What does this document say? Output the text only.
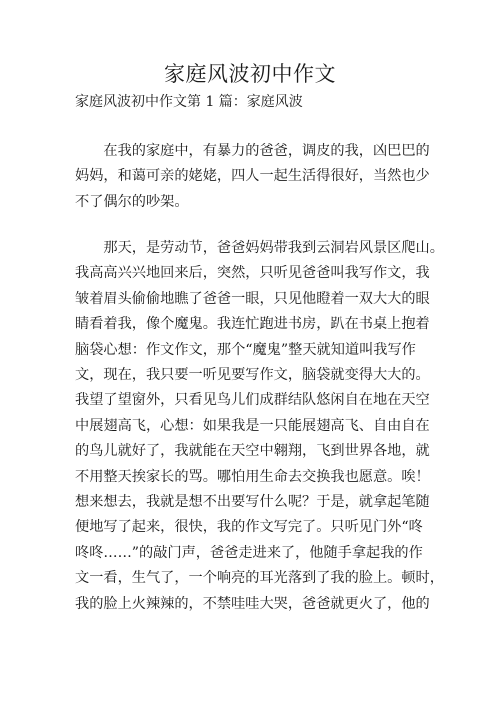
家庭风波初中作文
家庭风波初中作文第 1 篇：家庭风波
　　在我的家庭中，有暴力的爸爸，调皮的我，凶巴巴的
妈妈，和蔼可亲的姥姥，四人一起生活得很好，当然也少
不了偶尔的吵架。
　　那天，是劳动节，爸爸妈妈带我到云洞岩风景区爬山。
我高高兴兴地回来后，突然，只听见爸爸叫我写作文，我
皱着眉头偷偷地瞧了爸爸一眼，只见他瞪着一双大大的眼
睛看着我，像个魔鬼。我连忙跑进书房，趴在书桌上抱着
脑袋心想：作文作文，那个“魔鬼”整天就知道叫我写作
文，现在，我只要一听见要写作文，脑袋就变得大大的。
我望了望窗外，只看见鸟儿们成群结队悠闲自在地在天空
中展翅高飞，心想：如果我是一只能展翅高飞、自由自在
的鸟儿就好了，我就能在天空中翱翔，飞到世界各地，就
不用整天挨家长的骂。哪怕用生命去交换我也愿意。唉！
想来想去，我就是想不出要写什么呢？于是，就拿起笔随
便地写了起来，很快，我的作文写完了。只听见门外“咚
咚咚……”的敲门声，爸爸走进来了，他随手拿起我的作
文一看，生气了，一个响亮的耳光落到了我的脸上。顿时，
我的脸上火辣辣的，不禁哇哇大哭，爸爸就更火了，他的
